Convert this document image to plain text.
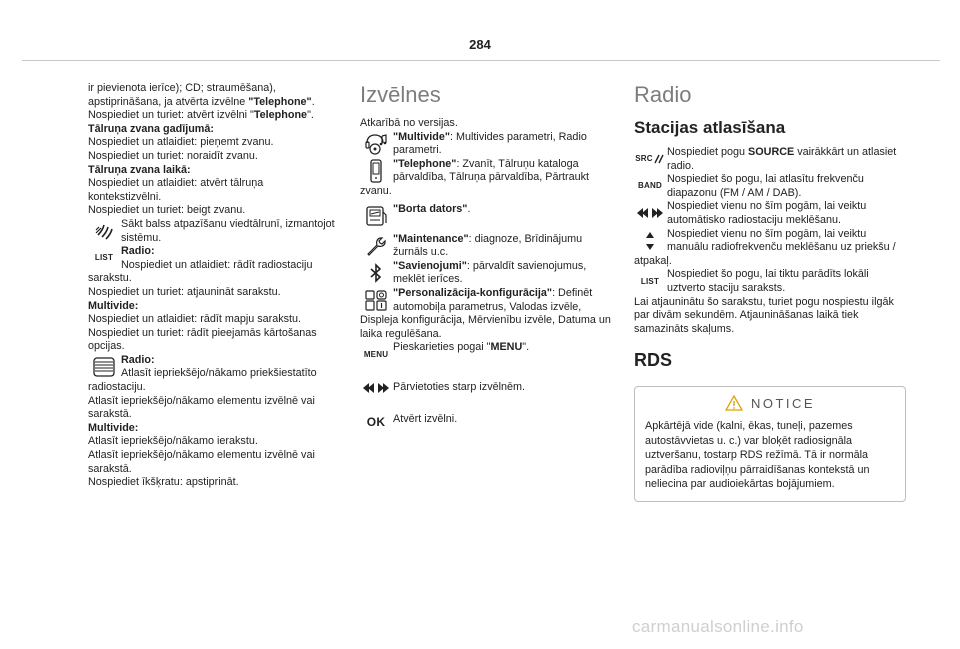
284

ir pievienota ierīce); CD; straumēšana),

apstiprināšana, ja atvērta izvēlne "Telephone".

Nospiediet un turiet: atvērt izvēlni "Telephone".

Tālruņa zvana gadījumā:

Nospiediet un atlaidiet: pieņemt zvanu.

Nospiediet un turiet: noraidīt zvanu.

Tālruņa zvana laikā:

Nospiediet un atlaidiet: atvērt tālruņa

kontekstizvēlni.

Nospiediet un turiet: beigt zvanu.

Sākt balss atpazīšanu viedtālrunī, izmantojot sistēmu.

LIST

Radio:

Nospiediet un atlaidiet: rādīt radiostaciju sarakstu.

Nospiediet un turiet: atjaunināt sarakstu.

Multivide:

Nospiediet un atlaidiet: rādīt mapju sarakstu.

Nospiediet un turiet: rādīt pieejamās kārtošanas opcijas.

Radio:

Atlasīt iepriekšējo/nākamo priekšiestatīto radiostaciju.

Atlasīt iepriekšējo/nākamo elementu izvēlnē vai sarakstā.

Multivide:

Atlasīt iepriekšējo/nākamo ierakstu.

Atlasīt iepriekšējo/nākamo elementu izvēlnē vai sarakstā.

Nospiediet īkšķratu: apstiprināt.

Izvēlnes

Atkarībā no versijas.

"Multivide": Multivides parametri, Radio parametri.

"Telephone": Zvanīt, Tālruņu kataloga pārvaldība, Tālruņa pārvaldība, Pārtraukt zvanu.

"Borta dators".

"Maintenance": diagnoze, Brīdinājumu žurnāls u.c.

"Savienojumi": pārvaldīt savienojumus, meklēt ierīces.

"Personalizācija-konfigurācija": Definēt automobiļa parametrus, Valodas izvēle, Displeja konfigurācija, Mērvienību izvēle, Datuma un laika regulēšana.

MENU

Pieskarieties pogai "MENU".

Pārvietoties starp izvēlnēm.

OK Atvērt izvēlni.

Radio
Stacijas atlasīšana
SRC

Nospiediet pogu SOURCE vairākkārt un atlasiet radio.

BAND

Nospiediet šo pogu, lai atlasītu frekvenču diapazonu (FM / AM / DAB).

Nospiediet vienu no šīm pogām, lai veiktu automātisko radiostaciju meklēšanu.

Nospiediet vienu no šīm pogām, lai veiktu manuālu radiofrekvenču meklēšanu uz priekšu / atpakaļ.

LIST

Nospiediet šo pogu, lai tiktu parādīts lokāli uztverto staciju saraksts.

Lai atjauninātu šo sarakstu, turiet pogu nospiestu ilgāk par divām sekundēm. Atjaunināšanas laikā tiek samazināts skaļums.

RDS
NOTICE

Apkārtējā vide (kalni, ēkas, tuneļi, pazemes autostāvvietas u. c.) var bloķēt radiosignāla uztveršanu, tostarp RDS režīmā. Tā ir normāla parādība radioviļņu pārraidīšanas kontekstā un neliecina par audioiekārtas bojājumiem.

carmanualsonline.info
